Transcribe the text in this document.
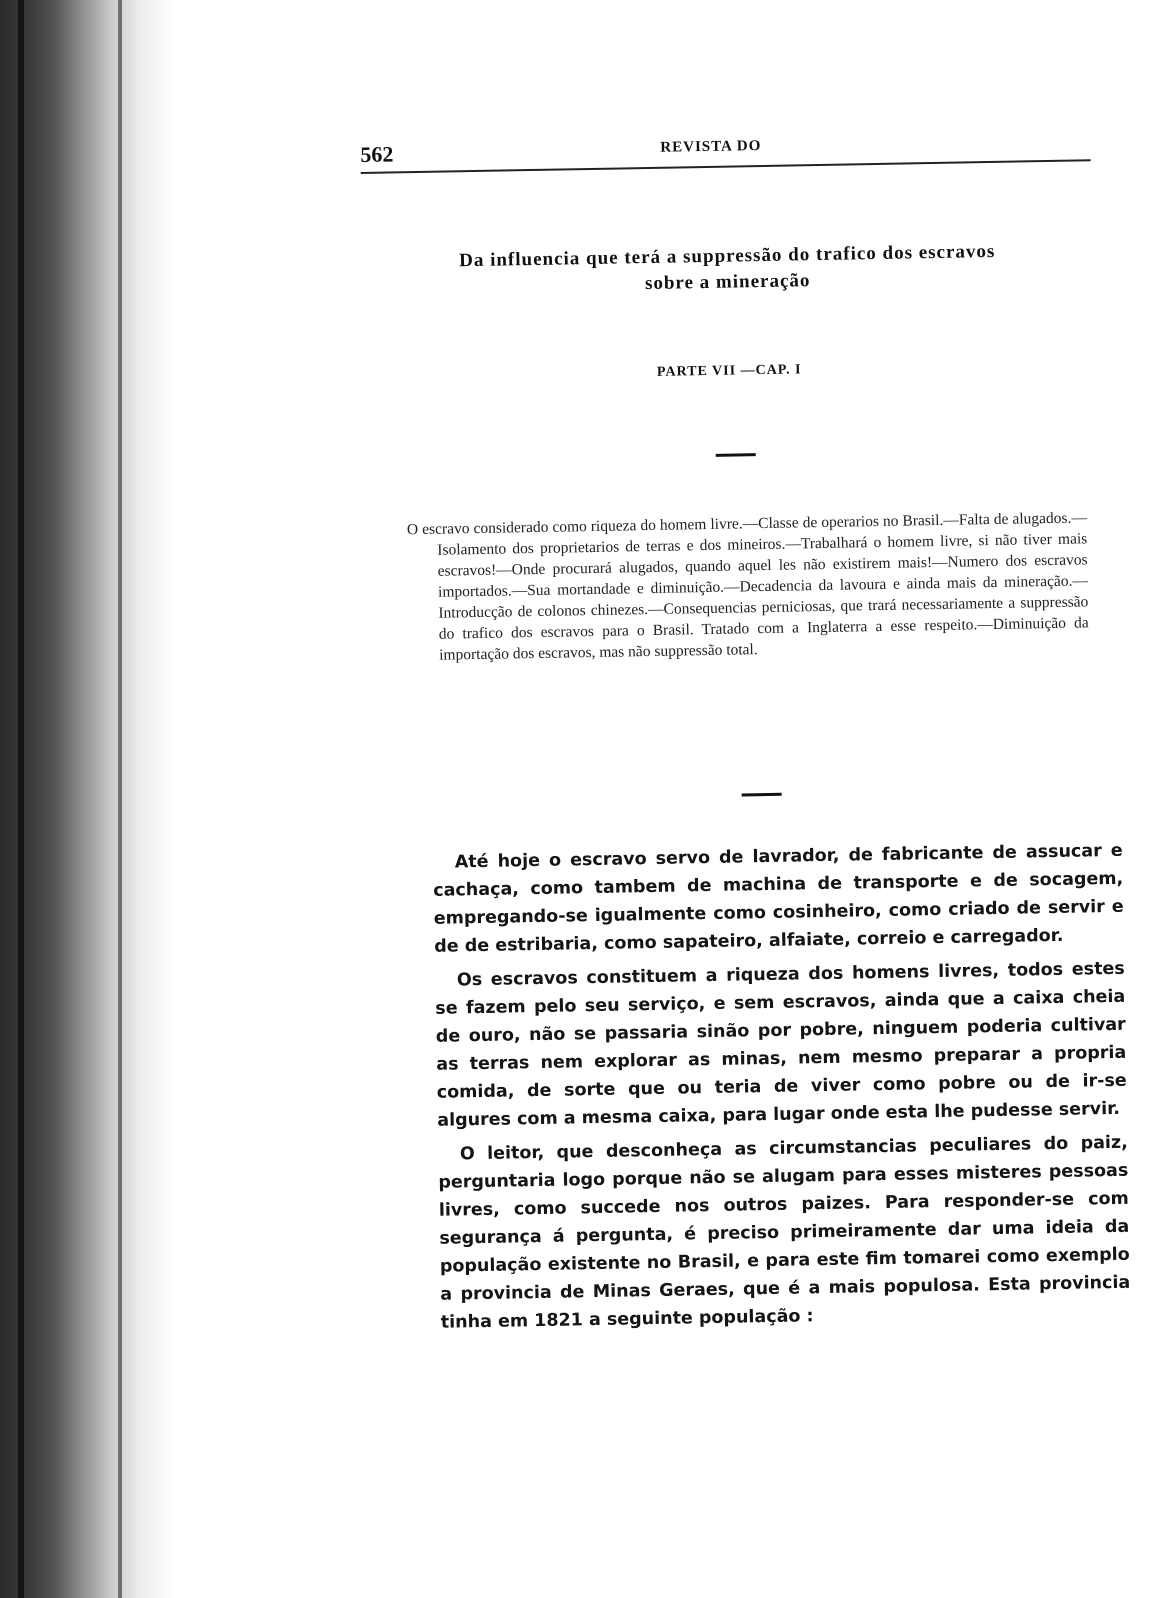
562	REVISTA DO
Da influencia que terá a suppressão do trafico dos escravos
sobre a mineração
PARTE VII —CAP. I
O escravo considerado como riqueza do homem livre.—Classe de operarios no Brasil.—Falta de alugados.—Isolamento dos proprietarios de terras e dos mineiros.—Trabalhará o homem livre, si não tiver mais escravos!—Onde procurará alugados, quando aquel les não existirem mais!—Numero dos escravos importados.—Sua mortandade e diminuição.—Decadencia da lavoura e ainda mais da mineração.—Introducção de colonos chinezes.—Consequencias perniciosas, que trará necessariamente a suppressão do trafico dos escravos para o Brasil. Tratado com a Inglaterra a esse respeito.—Diminuição da importação dos escravos, mas não suppressão total.

Até hoje o escravo servo de lavrador, de fabricante de assucar e cachaça, como tambem de machina de transporte e de socagem, empregando-se igualmente como cosinheiro, como criado de servir e de de estribaria, como sapateiro, alfaiate, correio e carregador.

Os escravos constituem a riqueza dos homens livres, todos estes se fazem pelo seu serviço, e sem escravos, ainda que a caixa cheia de ouro, não se passaria sinão por pobre, ninguem poderia cultivar as terras nem explorar as minas, nem mesmo preparar a propria comida, de sorte que ou teria de viver como pobre ou de ir-se algures com a mesma caixa, para lugar onde esta lhe pudesse servir.

O leitor, que desconheça as circumstancias peculiares do paiz, perguntaria logo porque não se alugam para esses misteres pessoas livres, como succede nos outros paizes. Para responder-se com segurança á pergunta, é preciso primeiramente dar uma ideia da população existente no Brasil, e para este fim tomarei como exemplo a provincia de Minas Geraes, que é a mais populosa. Esta provincia tinha em 1821 a seguinte população :
